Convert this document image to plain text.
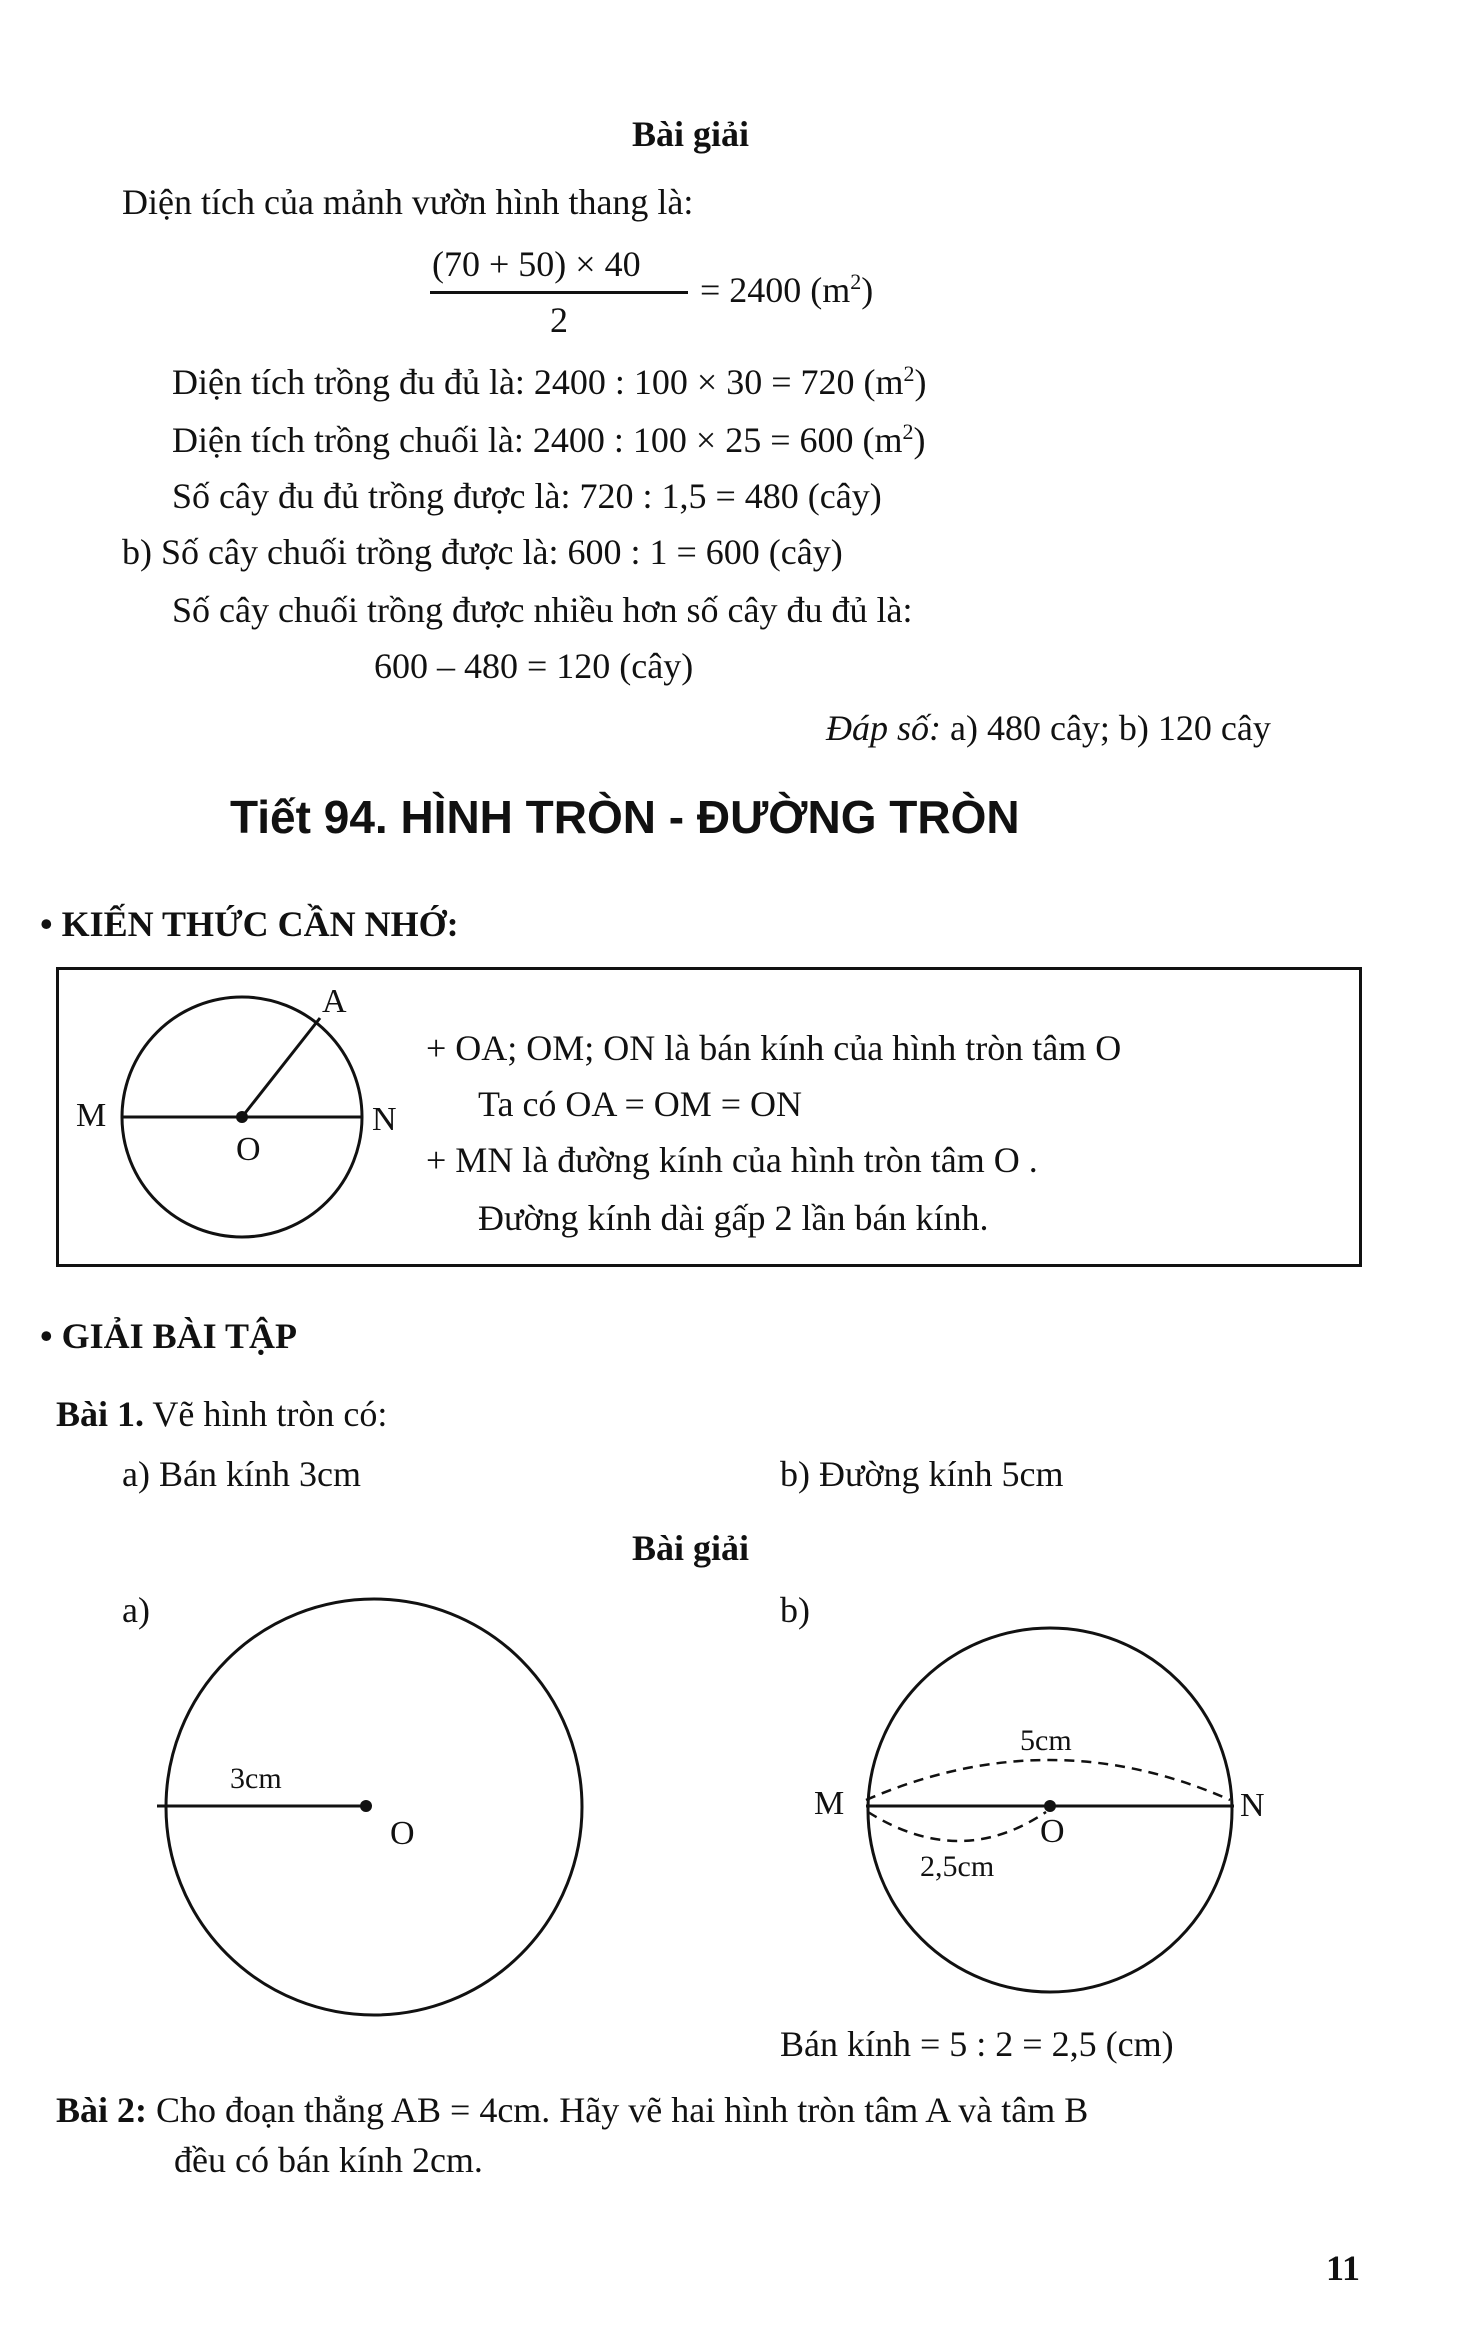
Bài giải
Diện tích của mảnh vườn hình thang là:
(70 + 50) × 40
2
= 2400 $(m^2)$
Diện tích trồng đu đủ là: 2400 : 100 × 30 = 720 $(m^2)$
Diện tích trồng chuối là: 2400 : 100 × 25 = 600 $(m^2)$
Số cây đu đủ trồng được là: 720 : 1,5 = 480 (cây)
b) Số cây chuối trồng được là: 600 : 1 = 600 (cây)
Số cây chuối trồng được nhiều hơn số cây đu đủ là:
600 – 480 = 120 (cây)
Đáp số: a) 480 cây; b) 120 cây
Tiết 94. HÌNH TRÒN - ĐƯỜNG TRÒN
• KIẾN THỨC CẦN NHỚ:
A
M	N
O
+ OA; OM; ON là bán kính của hình tròn tâm O
Ta có OA = OM = ON
+ MN là đường kính của hình tròn tâm O .
Đường kính dài gấp 2 lần bán kính.
• GIẢI BÀI TẬP
Bài 1. Vẽ hình tròn có:
a) Bán kính 3cm	b) Đường kính 5cm
Bài giải
a)	b)
3cm
O
5cm
2,5cm
M	N
O
Bán kính = 5 : 2 = 2,5 (cm)
Bài 2: Cho đoạn thẳng AB = 4cm. Hãy vẽ hai hình tròn tâm A và tâm B
đều có bán kính 2cm.
11
